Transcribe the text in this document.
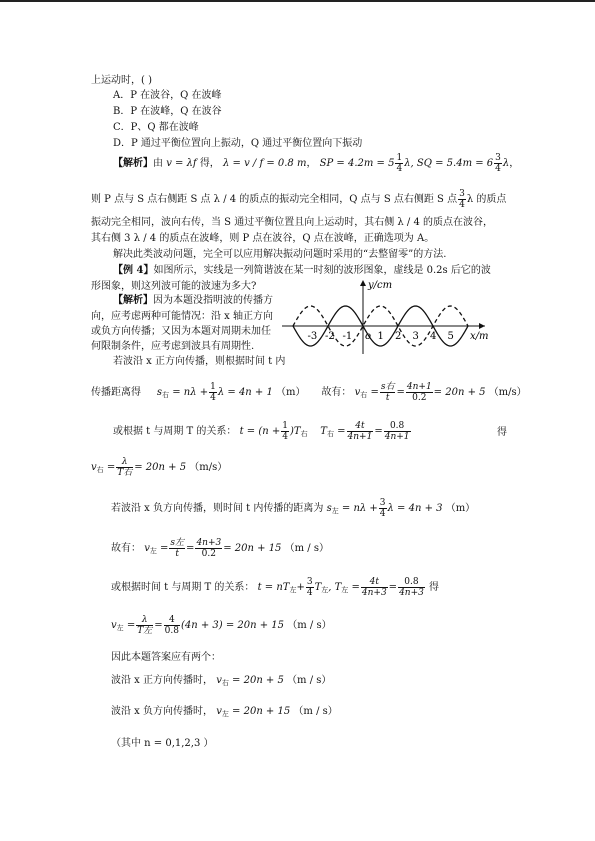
上运动时，( )
A．P 在波谷，Q 在波峰
B．P 在波峰，Q 在波谷
C．P、Q 都在波峰
D．P 通过平衡位置向上振动，Q 通过平衡位置向下振动
【解析】由 v = λf 得， λ = v / f = 0.8 m， SP = $4.2m = 5 \frac{1}{4} \lambda$, SQ = $5.4m = 6 \frac{3}{4}$ λ，
则 P 点与 S 点右侧距 S 点 λ / 4 的质点的振动完全相同，Q 点与 S 点右侧距 S 点 $\frac{3}{4}$ λ 的质点
振动完全相同，波向右传，当 S 通过平衡位置且向上运动时，其右侧 λ / 4 的质点在波谷，
其右侧 3 λ / 4 的质点在波峰，则 P 点在波谷，Q 点在波峰，正确选项为 A。
解决此类波动问题，完全可以应用解决振动问题时采用的“去整留零”的方法.
【例 4】如图所示，实线是一列简谐波在某一时刻的波形图象，虚线是 0.2s 后它的波
形图象，则这列波可能的波速为多大?
【解析】因为本题没指明波的传播方
向，应考虑两种可能情况：沿 x 轴正方向
或负方向传播；又因为本题对周期未加任
何限制条件，应考虑到波具有周期性.
若波沿 x 正方向传播，则根据时间 t 内
y/cm
x/m
o
-3 -2 -1	1 2 3 4 5
传播距离得 $s_右 = n\lambda + \frac{1}{4}$ λ = 4n + 1 （m） 故有： $v_右 = \frac{\text{s右}}{t} = \frac{4n+1}{0.2} = 20n + 5$ （m/s）
或根据 t 与周期 T 的关系： $t = (n + \frac{1}{4} )T_右$ $T_右 = \frac{4t}{4n+1} = \frac{0.8}{4n+1}$	得
$v_右 = \frac{\lambda}{\text{T右}} = 20n + 5$ （m/s）
若波沿 x 负方向传播，则时间 t 内传播的距离为 $s_左 = n\lambda + \frac{3}{4}$ λ = 4n + 3 （m）
故有： $v_左 = \frac{\text{s左}}{t} = \frac{4n+3}{0.2} = 20n + 15$ （m / s）
或根据时间 t 与周期 T 的关系： $t = nT_左+ \frac{3}{4} T_左$, $T_左 = \frac{4t}{4n+3} = \frac{0.8}{4n+3}$ 得
$v_左 = \frac{\lambda}{\text{T左}} = \frac{4}{0.8} (4n + 3) = 20n + 15$ （m / s）
因此本题答案应有两个：
波沿 x 正方向传播时， $v_右 = 20n + 5$ （m / s）
波沿 x 负方向传播时， $v_左 = 20n + 15$ （m / s）
（其中 n = 0,1,2,3 ）
